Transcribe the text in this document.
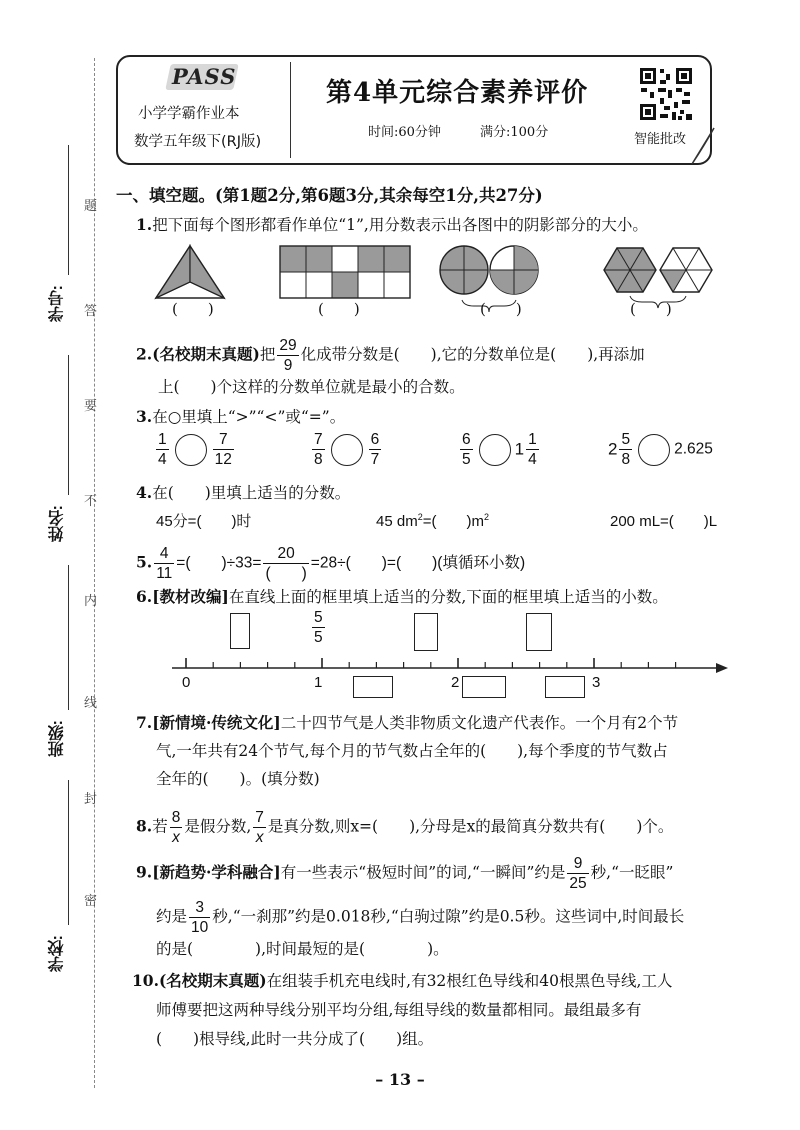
学号:
姓名:
班级:
学校:
题
答
要
不
内
线
封
密
PASS
小学学霸作业本
数学五年级下(RJ版)
第4单元综合素养评价
时间:60分钟	满分:100分	智能批改
一、填空题。(第1题2分,第6题3分,其余每空1分,共27分)
1.把下面每个图形都看作单位“1”,用分数表示出各图中的阴影部分的大小。
(　　)	(　　)	(　　)	(　　)
2.(名校期末真题)把 $\frac{29}{9}$ 化成带分数是(　　),它的分数单位是(　　),再添加
上(　　)个这样的分数单位就是最小的合数。
3.在○里填上“>”“<”或“=”。
$\frac{1}{4}$	$\frac{7}{12}$	$\frac{7}{8}$	$\frac{6}{7}$	$\frac{6}{5} 1 \frac{1}{4}$	$2 \frac{5}{8}$	2.625
4.在(　　)里填上适当的分数。
45分=(　　)时	45 $dm^2=$(　　)$m^2$	200 mL=(　　)L
5. $\frac{4}{11}$ =(　　)$\div 33= \frac{20}{( )} =28\div$(　　)=(　　)(填循环小数)
6.[教材改编]在直线上面的框里填上适当的分数,下面的框里填上适当的小数。
$\frac{5}{5}$
0	1	2	3
7.[新情境·传统文化]二十四节气是人类非物质文化遗产代表作。一个月有2个节
气,一年共有24个节气,每个月的节气数占全年的(　　),每个季度的节气数占
全年的(　　)。(填分数)
8.若 $\frac{8}{x}$ 是假分数, $\frac{7}{x}$ 是真分数,则x=(　　),分母是x的最简真分数共有(　　)个。
9.[新趋势·学科融合]有一些表示“极短时间”的词,“一瞬间”约是 $\frac{9}{25}$ 秒,“一眨眼”
约是 $\frac{3}{10}$ 秒,“一刹那”约是0.018秒,“白驹过隙”约是0.5秒。这些词中,时间最长
的是(　　　　),时间最短的是(　　　　)。
10.(名校期末真题)在组装手机充电线时,有32根红色导线和40根黑色导线,工人
师傅要把这两种导线分别平均分组,每组导线的数量都相同。最组最多有
(　　)根导线,此时一共分成了(　　)组。
– 13 –
